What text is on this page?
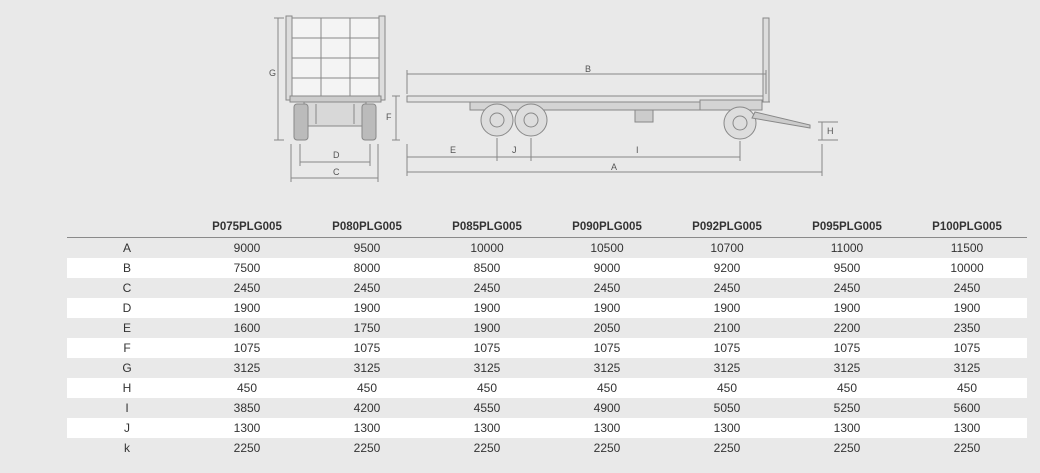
G
D
C
B
F
H
E	J	I
A
	P075PLG005	P080PLG005	P085PLG005	P090PLG005	P092PLG005	P095PLG005	P100PLG005
A	9000	9500	10000	10500	10700	11000	11500
B	7500	8000	8500	9000	9200	9500	10000
C	2450	2450	2450	2450	2450	2450	2450
D	1900	1900	1900	1900	1900	1900	1900
E	1600	1750	1900	2050	2100	2200	2350
F	1075	1075	1075	1075	1075	1075	1075
G	3125	3125	3125	3125	3125	3125	3125
H	450	450	450	450	450	450	450
I	3850	4200	4550	4900	5050	5250	5600
J	1300	1300	1300	1300	1300	1300	1300
k	2250	2250	2250	2250	2250	2250	2250
